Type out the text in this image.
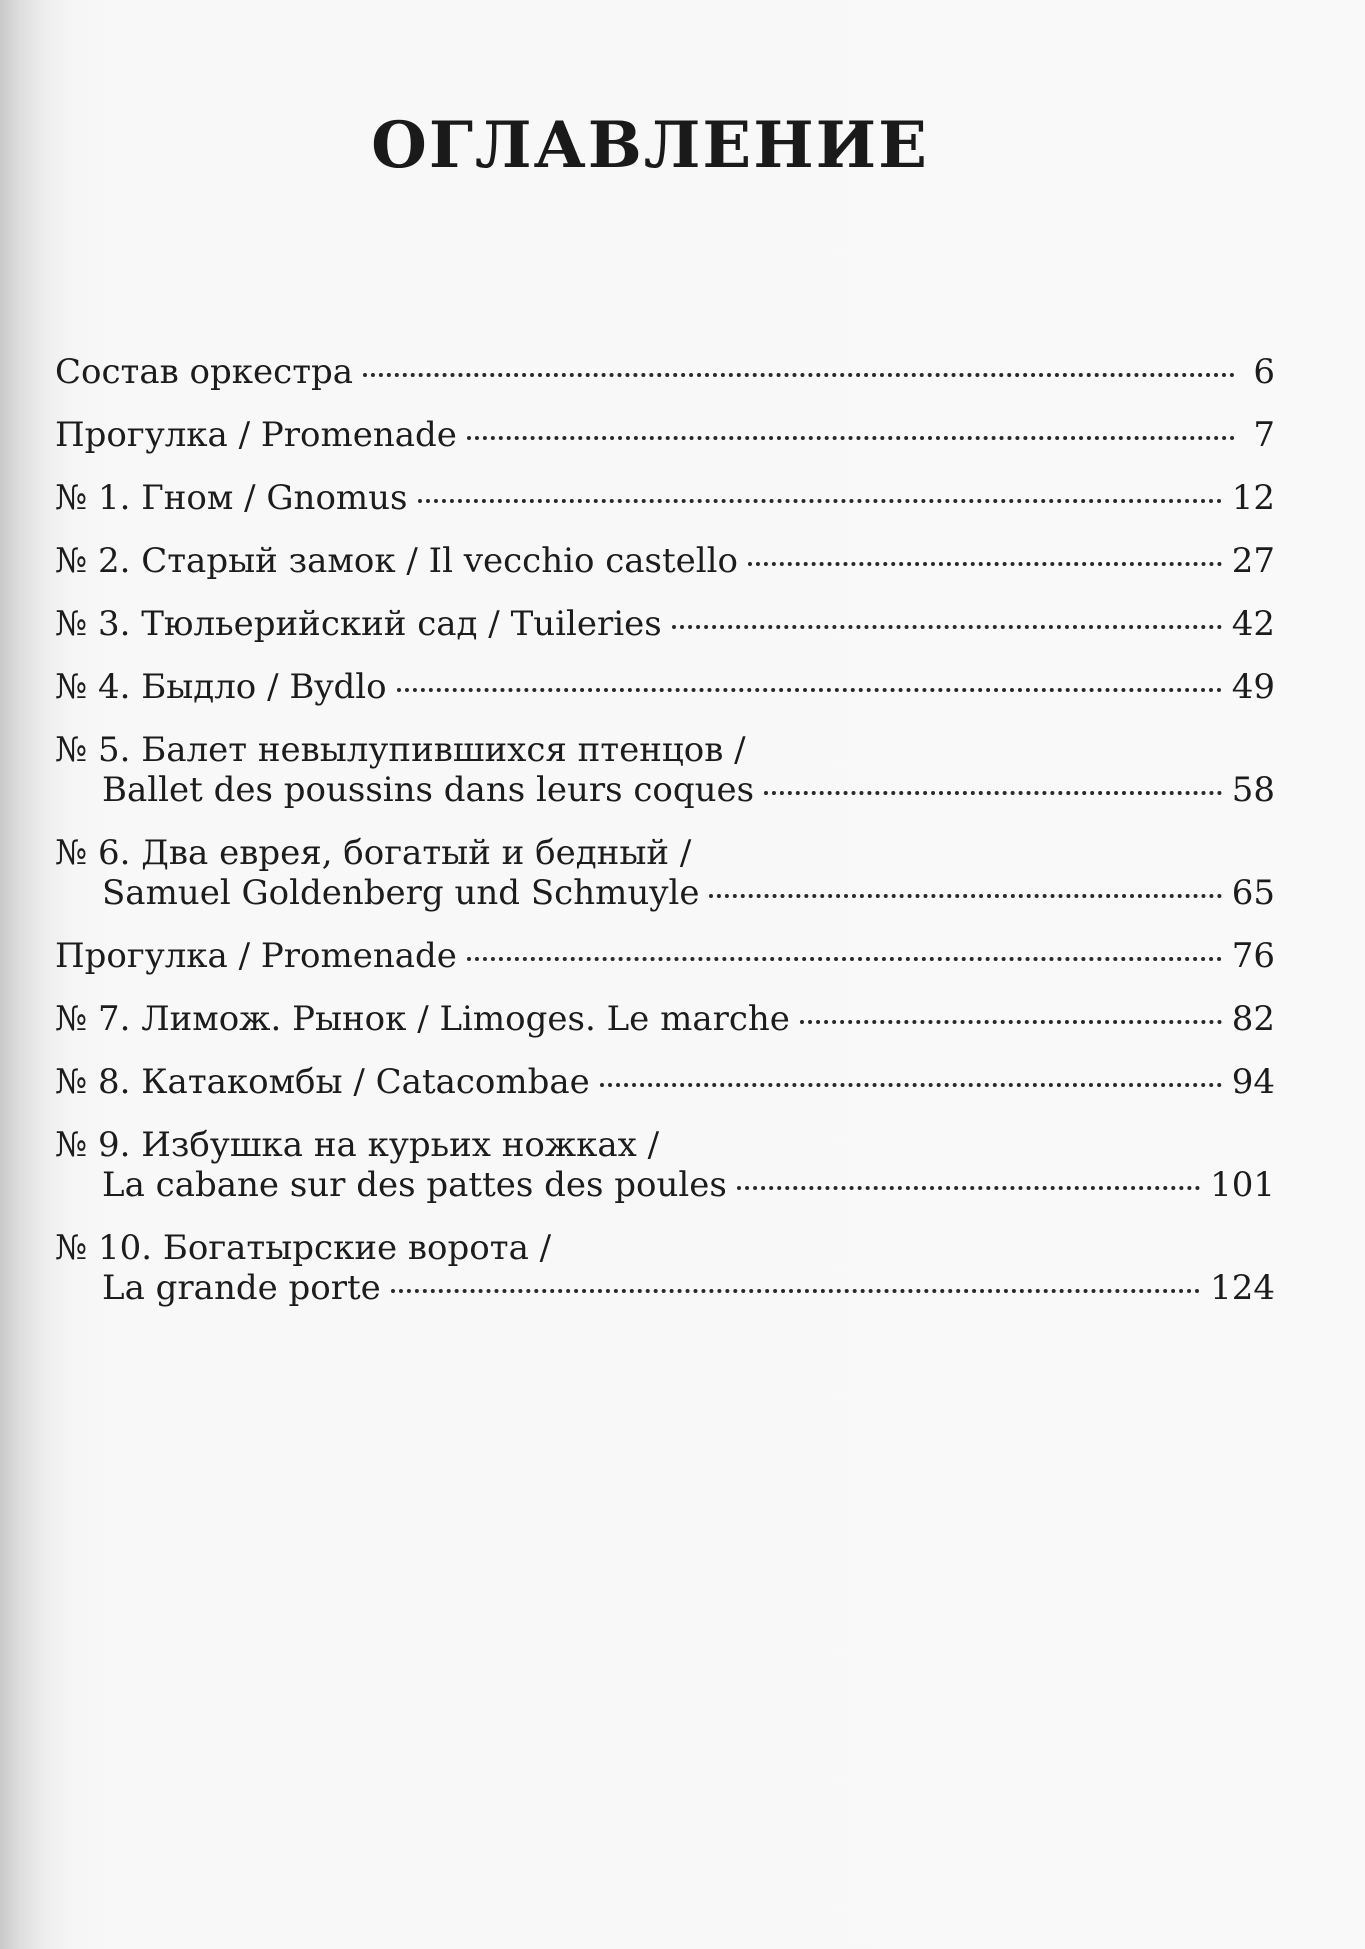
ОГЛАВЛЕНИЕ
Состав оркестра	6
Прогулка / Promenade	7
№ 1. Гном / Gnomus	12
№ 2. Старый замок / Il vecchio castello	27
№ 3. Тюльерийский сад / Tuileries	42
№ 4. Быдло / Bydlo	49
№ 5. Балет невылупившихся птенцов /
Ballet des poussins dans leurs coques	58
№ 6. Два еврея, богатый и бедный /
Samuel Goldenberg und Schmuyle	65
Прогулка / Promenade	76
№ 7. Лимож. Рынок / Limoges. Le marche	82
№ 8. Катакомбы / Catacombae	94
№ 9. Избушка на курьих ножках /
La cabane sur des pattes des poules	101
№ 10. Богатырские ворота /
La grande porte	124
